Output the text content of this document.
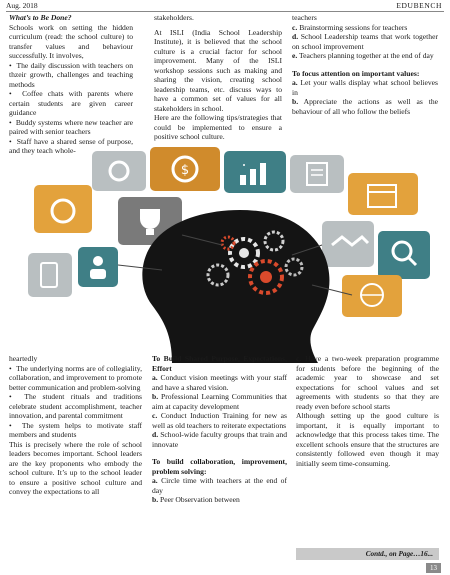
Aug. 2018	EDUBENCH

What’s to Be Done?

Schools work on setting the hidden curriculum (read: the school culture) to transfer values and behaviour successfully. It involves,

•  The daily discussion with teachers on thzeir growth, challenges and teaching methods

•  Coffee chats with parents where certain students are given career guidance

•  Buddy systems where new teacher are paired with senior teachers

•  Staff have a shared sense of purpose, and they teach whole-

stakeholders.

At ISLI (India School Leadership Institute), it is believed that the school culture is a crucial factor for school improvement. Many of the ISLI workshop sessions such as making and sharing the vision, creating school leadership teams, etc. discuss ways to have a common set of values for all stakeholders in school.

Here are the following tips/strategies that could be implemented to ensure a positive school culture.

teachers

c. Brainstorming sessions for teachers

d. School Leadership teams that work together on school improvement

e. Teachers planning together at the end of day

To focus attention on important values:

a. Let your walls display what school believes in

b. Appreciate the actions as well as the behaviour of all who follow the beliefs

$

heartedly

•  The underlying norms are of collegiality, collaboration, and improvement to promote better communication and problem-solving

•  The student rituals and traditions celebrate student accomplishment, teacher innovation, and parental commitment

•  The system helps to motivate staff members and students

This is precisely where the role of school leaders becomes important. School leaders are the key proponents who embody the school culture. It’s up to the school leader to ensure a positive school culture and convey the expectations to all

To Build Shared Purpose, Expectations, Effort

a. Conduct vision meetings with your staff and have a shared vision.

b. Professional Learning Communities that aim at capacity development

c. Conduct Induction Training for new as well as old teachers to reiterate expectations

d. School-wide faculty groups that train and innovate

To build collaboration, improvement, problem solving:

a. Circle time with teachers at the end of day

b. Peer Observation between

c. Have a two-week preparation programme for students before the beginning of the academic year to showcase and set expectations for school values and set agreements with students so that they are ready even before school starts

Although setting up the good culture is important, it is equally important to acknowledge that this process takes time. The excellent schools ensure that the structures are consistently followed even though it may initially seem time-consuming.

Contd., on Page…16...
13
